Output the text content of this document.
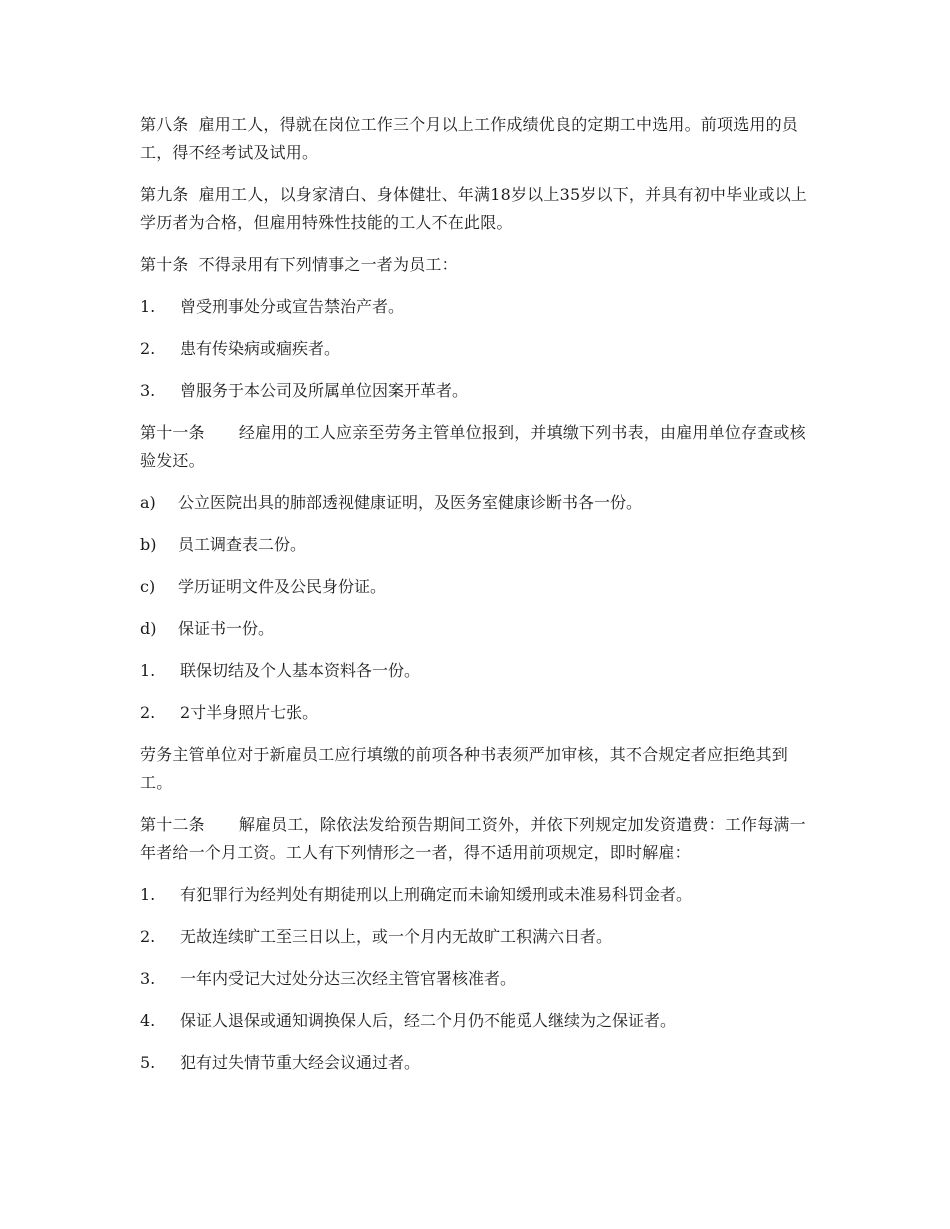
第八条 雇用工人，得就在岗位工作三个月以上工作成绩优良的定期工中选用。前项选用的员工，得不经考试及试用。

第九条 雇用工人，以身家清白、身体健壮、年满18岁以上35岁以下，并具有初中毕业或以上学历者为合格，但雇用特殊性技能的工人不在此限。

第十条 不得录用有下列情事之一者为员工：

1.	曾受刑事处分或宣告禁治产者。
2.	患有传染病或痼疾者。
3.	曾服务于本公司及所属单位因案开革者。

第十一条 经雇用的工人应亲至劳务主管单位报到，并填缴下列书表，由雇用单位存查或核验发还。

a)	公立医院出具的肺部透视健康证明，及医务室健康诊断书各一份。
b)	员工调查表二份。
c)	学历证明文件及公民身份证。
d)	保证书一份。
1.	联保切结及个人基本资料各一份。
2.	2寸半身照片七张。

劳务主管单位对于新雇员工应行填缴的前项各种书表须严加审核，其不合规定者应拒绝其到工。

第十二条 解雇员工，除依法发给预告期间工资外，并依下列规定加发资遣费：工作每满一年者给一个月工资。工人有下列情形之一者，得不适用前项规定，即时解雇：

1.	有犯罪行为经判处有期徒刑以上刑确定而未谕知缓刑或未准易科罚金者。
2.	无故连续旷工至三日以上，或一个月内无故旷工积满六日者。
3.	一年内受记大过处分达三次经主管官署核准者。
4.	保证人退保或通知调换保人后，经二个月仍不能觅人继续为之保证者。
5.	犯有过失情节重大经会议通过者。
